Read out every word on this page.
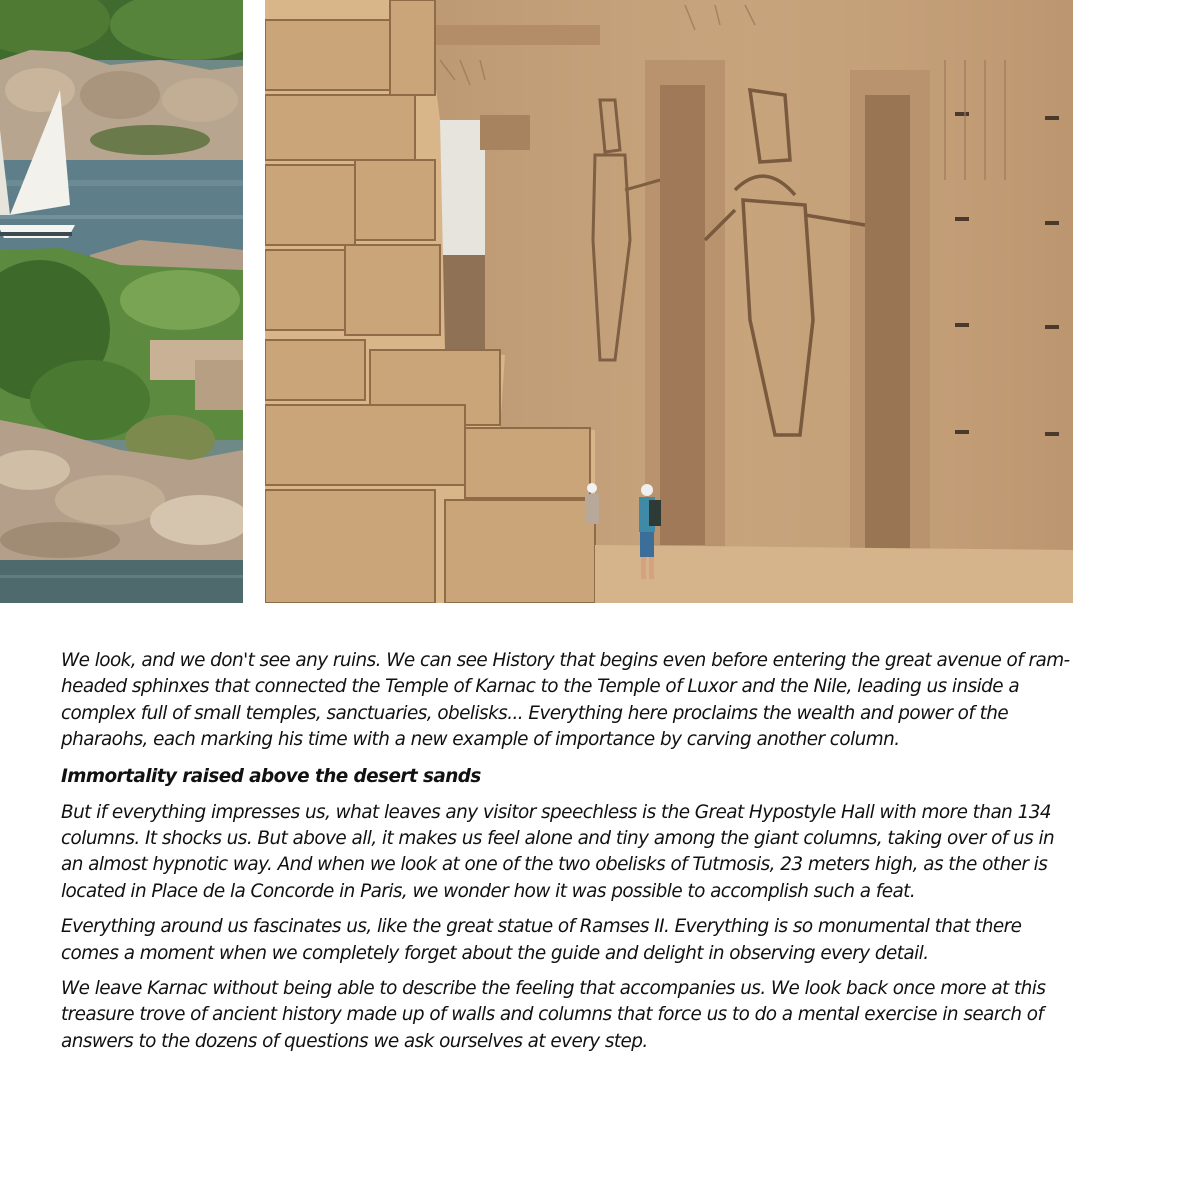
We look, and we don't see any ruins. We can see History that begins even before entering the great avenue of ram-headed sphinxes that connected the Temple of Karnac to the Temple of Luxor and the Nile, leading us inside a complex full of small temples, sanctuaries, obelisks... Everything here proclaims the wealth and power of the pharaohs, each marking his time with a new example of importance by carving another column.

Immortality raised above the desert sands

But if everything impresses us, what leaves any visitor speechless is the Great Hypostyle Hall with more than 134 columns. It shocks us. But above all, it makes us feel alone and tiny among the giant columns, taking over of us in an almost hypnotic way. And when we look at one of the two obelisks of Tutmosis, 23 meters high, as the other is located in Place de la Concorde in Paris, we wonder how it was possible to accomplish such a feat.

Everything around us fascinates us, like the great statue of Ramses II. Everything is so monumental that there comes a moment when we completely forget about the guide and delight in observing every detail.

We leave Karnac without being able to describe the feeling that accompanies us. We look back once more at this treasure trove of ancient history made up of walls and columns that force us to do a mental exercise in search of answers to the dozens of questions we ask ourselves at every step.
